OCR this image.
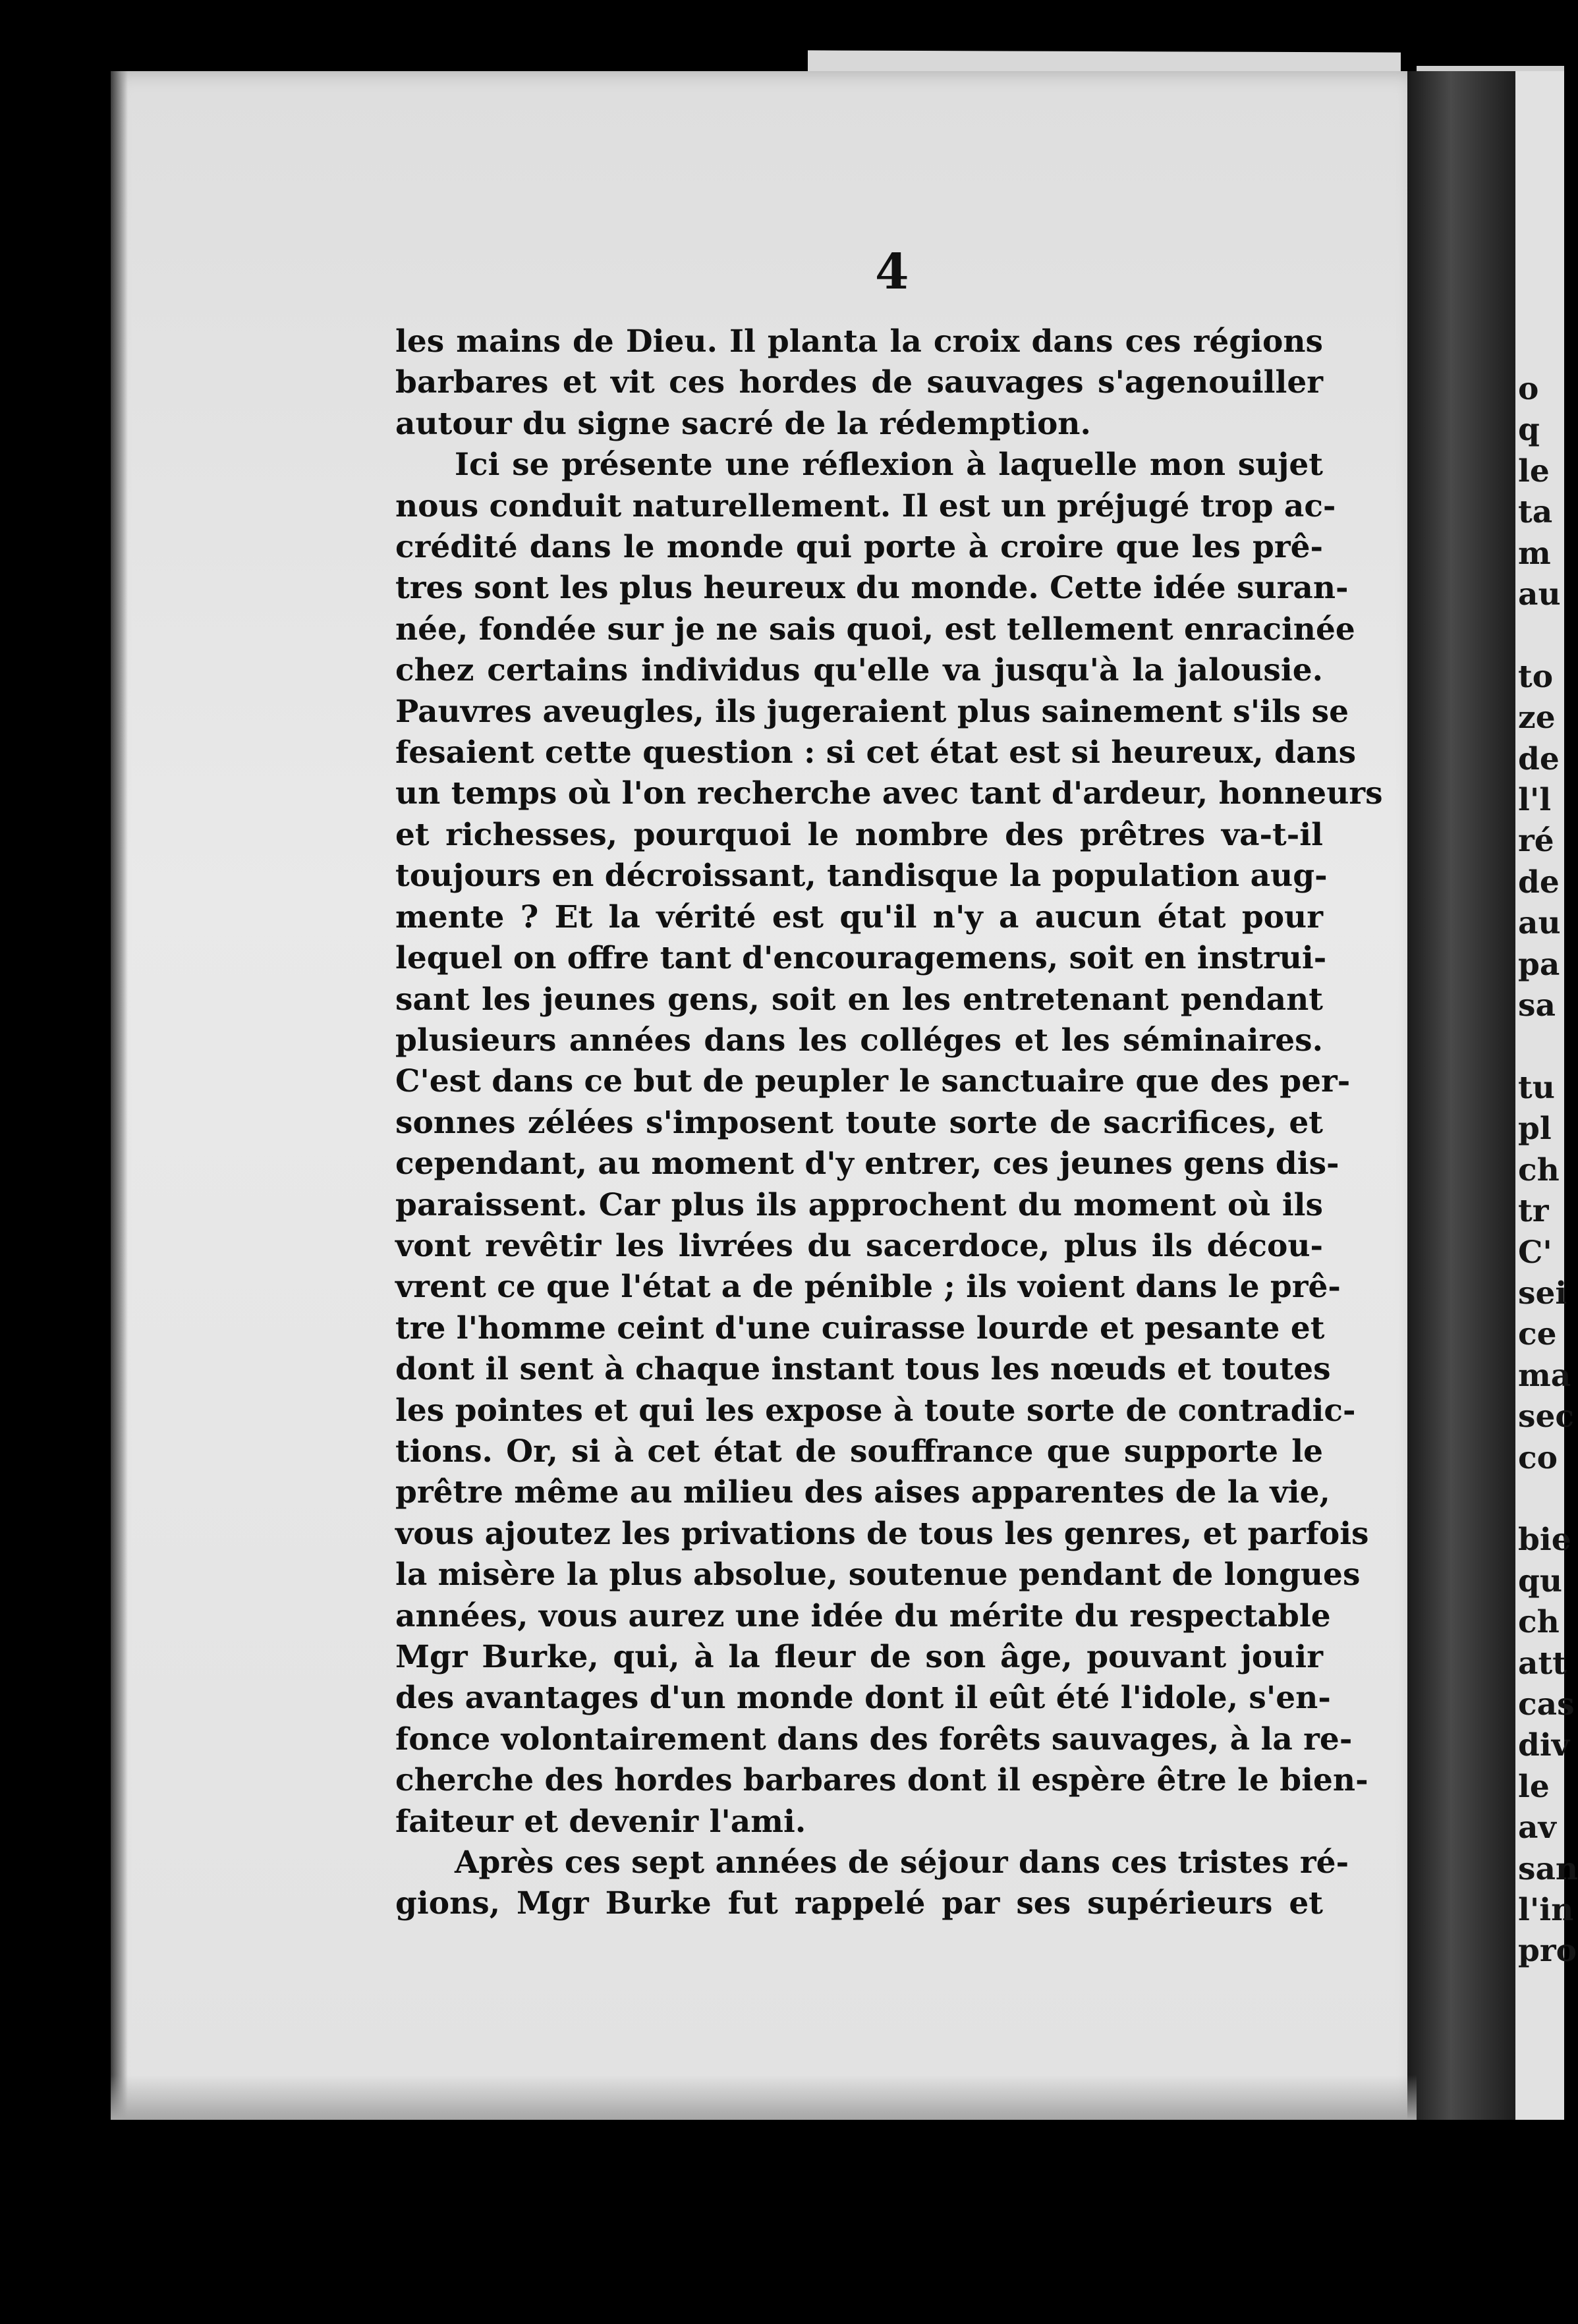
4
les mains de Dieu. Il planta la croix dans ces régions
barbares et vit ces hordes de sauvages s'agenouiller
autour du signe sacré de la rédemption.
Ici se présente une réflexion à laquelle mon sujet
nous conduit naturellement. Il est un préjugé trop ac-
crédité dans le monde qui porte à croire que les prê-
tres sont les plus heureux du monde. Cette idée suran-
née, fondée sur je ne sais quoi, est tellement enracinée
chez certains individus qu'elle va jusqu'à la jalousie.
Pauvres aveugles, ils jugeraient plus sainement s'ils se
fesaient cette question : si cet état est si heureux, dans
un temps où l'on recherche avec tant d'ardeur, honneurs
et richesses, pourquoi le nombre des prêtres va-t-il
toujours en décroissant, tandisque la population aug-
mente ? Et la vérité est qu'il n'y a aucun état pour
lequel on offre tant d'encouragemens, soit en instrui-
sant les jeunes gens, soit en les entretenant pendant
plusieurs années dans les colléges et les séminaires.
C'est dans ce but de peupler le sanctuaire que des per-
sonnes zélées s'imposent toute sorte de sacrifices, et
cependant, au moment d'y entrer, ces jeunes gens dis-
paraissent. Car plus ils approchent du moment où ils
vont revêtir les livrées du sacerdoce, plus ils décou-
vrent ce que l'état a de pénible ; ils voient dans le prê-
tre l'homme ceint d'une cuirasse lourde et pesante et
dont il sent à chaque instant tous les nœuds et toutes
les pointes et qui les expose à toute sorte de contradic-
tions. Or, si à cet état de souffrance que supporte le
prêtre même au milieu des aises apparentes de la vie,
vous ajoutez les privations de tous les genres, et parfois
la misère la plus absolue, soutenue pendant de longues
années, vous aurez une idée du mérite du respectable
Mgr Burke, qui, à la fleur de son âge, pouvant jouir
des avantages d'un monde dont il eût été l'idole, s'en-
fonce volontairement dans des forêts sauvages, à la re-
cherche des hordes barbares dont il espère être le bien-
faiteur et devenir l'ami.
Après ces sept années de séjour dans ces tristes ré-
gions, Mgr Burke fut rappelé par ses supérieurs et
o
q
le
ta
m
au

to
ze
de
l'l
ré
de
au
pa
sa

tu
pl
ch
tr
C'
sei
ce
ma
sec
co

bie
qu
ch
att
cas
div
le
av
san
l'in
pro
